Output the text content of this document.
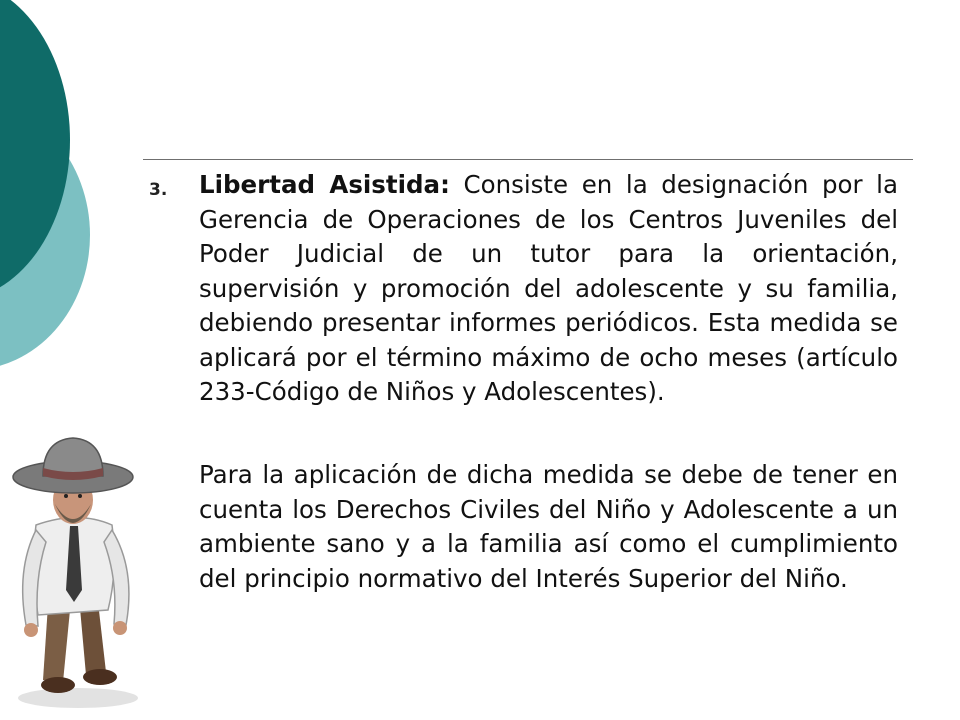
3. Libertad Asistida: Consiste en la designación por la Gerencia de Operaciones de los Centros Juveniles del Poder Judicial de un tutor para la orientación, supervisión y promoción del adolescente y su familia, debiendo presentar informes periódicos. Esta medida se aplicará por el término máximo de ocho meses (artículo 233-Código de Niños y Adolescentes).

Para la aplicación de dicha medida se debe de tener en cuenta los Derechos Civiles del Niño y Adolescente a un ambiente sano y a la familia así como el cumplimiento del principio normativo del Interés Superior del Niño.
